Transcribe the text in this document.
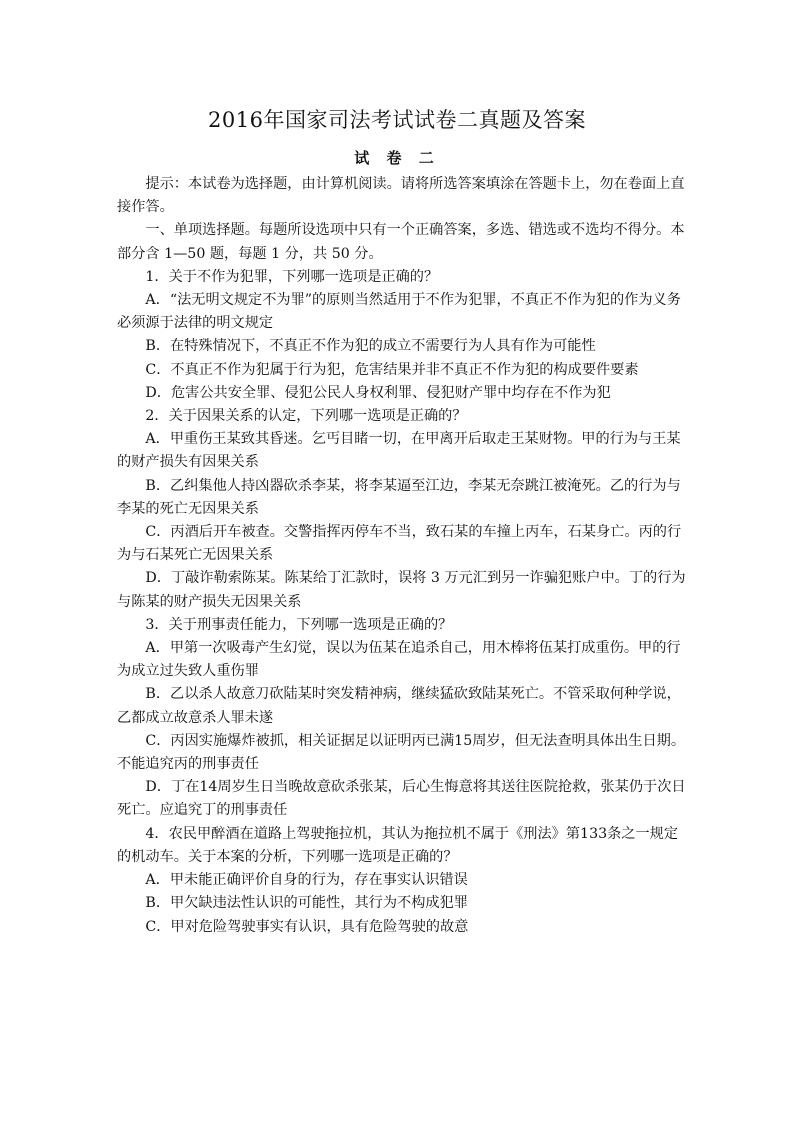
2016年国家司法考试试卷二真题及答案
试 卷 二

提示：本试卷为选择题，由计算机阅读。请将所选答案填涂在答题卡上，勿在卷面上直接作答。

一、单项选择题。每题所设选项中只有一个正确答案，多选、错选或不选均不得分。本部分含 1—50 题，每题 1 分，共 50 分。

1．关于不作为犯罪，下列哪一选项是正确的？

A．“法无明文规定不为罪”的原则当然适用于不作为犯罪，不真正不作为犯的作为义务必须源于法律的明文规定

B．在特殊情况下，不真正不作为犯的成立不需要行为人具有作为可能性

C．不真正不作为犯属于行为犯，危害结果并非不真正不作为犯的构成要件要素

D．危害公共安全罪、侵犯公民人身权利罪、侵犯财产罪中均存在不作为犯

2．关于因果关系的认定，下列哪一选项是正确的？

A．甲重伤王某致其昏迷。乞丐目睹一切，在甲离开后取走王某财物。甲的行为与王某的财产损失有因果关系

B．乙纠集他人持凶器砍杀李某，将李某逼至江边，李某无奈跳江被淹死。乙的行为与李某的死亡无因果关系

C．丙酒后开车被查。交警指挥丙停车不当，致石某的车撞上丙车，石某身亡。丙的行为与石某死亡无因果关系

D．丁敲诈勒索陈某。陈某给丁汇款时，误将 3 万元汇到另一诈骗犯账户中。丁的行为与陈某的财产损失无因果关系

3．关于刑事责任能力，下列哪一选项是正确的？

A．甲第一次吸毒产生幻觉，误以为伍某在追杀自己，用木棒将伍某打成重伤。甲的行为成立过失致人重伤罪

B．乙以杀人故意刀砍陆某时突发精神病，继续猛砍致陆某死亡。不管采取何种学说，乙都成立故意杀人罪未遂

C．丙因实施爆炸被抓，相关证据足以证明丙已满15周岁，但无法查明具体出生日期。不能追究丙的刑事责任

D．丁在14周岁生日当晚故意砍杀张某，后心生悔意将其送往医院抢救，张某仍于次日死亡。应追究丁的刑事责任

4．农民甲醉酒在道路上驾驶拖拉机，其认为拖拉机不属于《刑法》第133条之一规定的机动车。关于本案的分析，下列哪一选项是正确的？

A．甲未能正确评价自身的行为，存在事实认识错误

B．甲欠缺违法性认识的可能性，其行为不构成犯罪

C．甲对危险驾驶事实有认识，具有危险驾驶的故意
